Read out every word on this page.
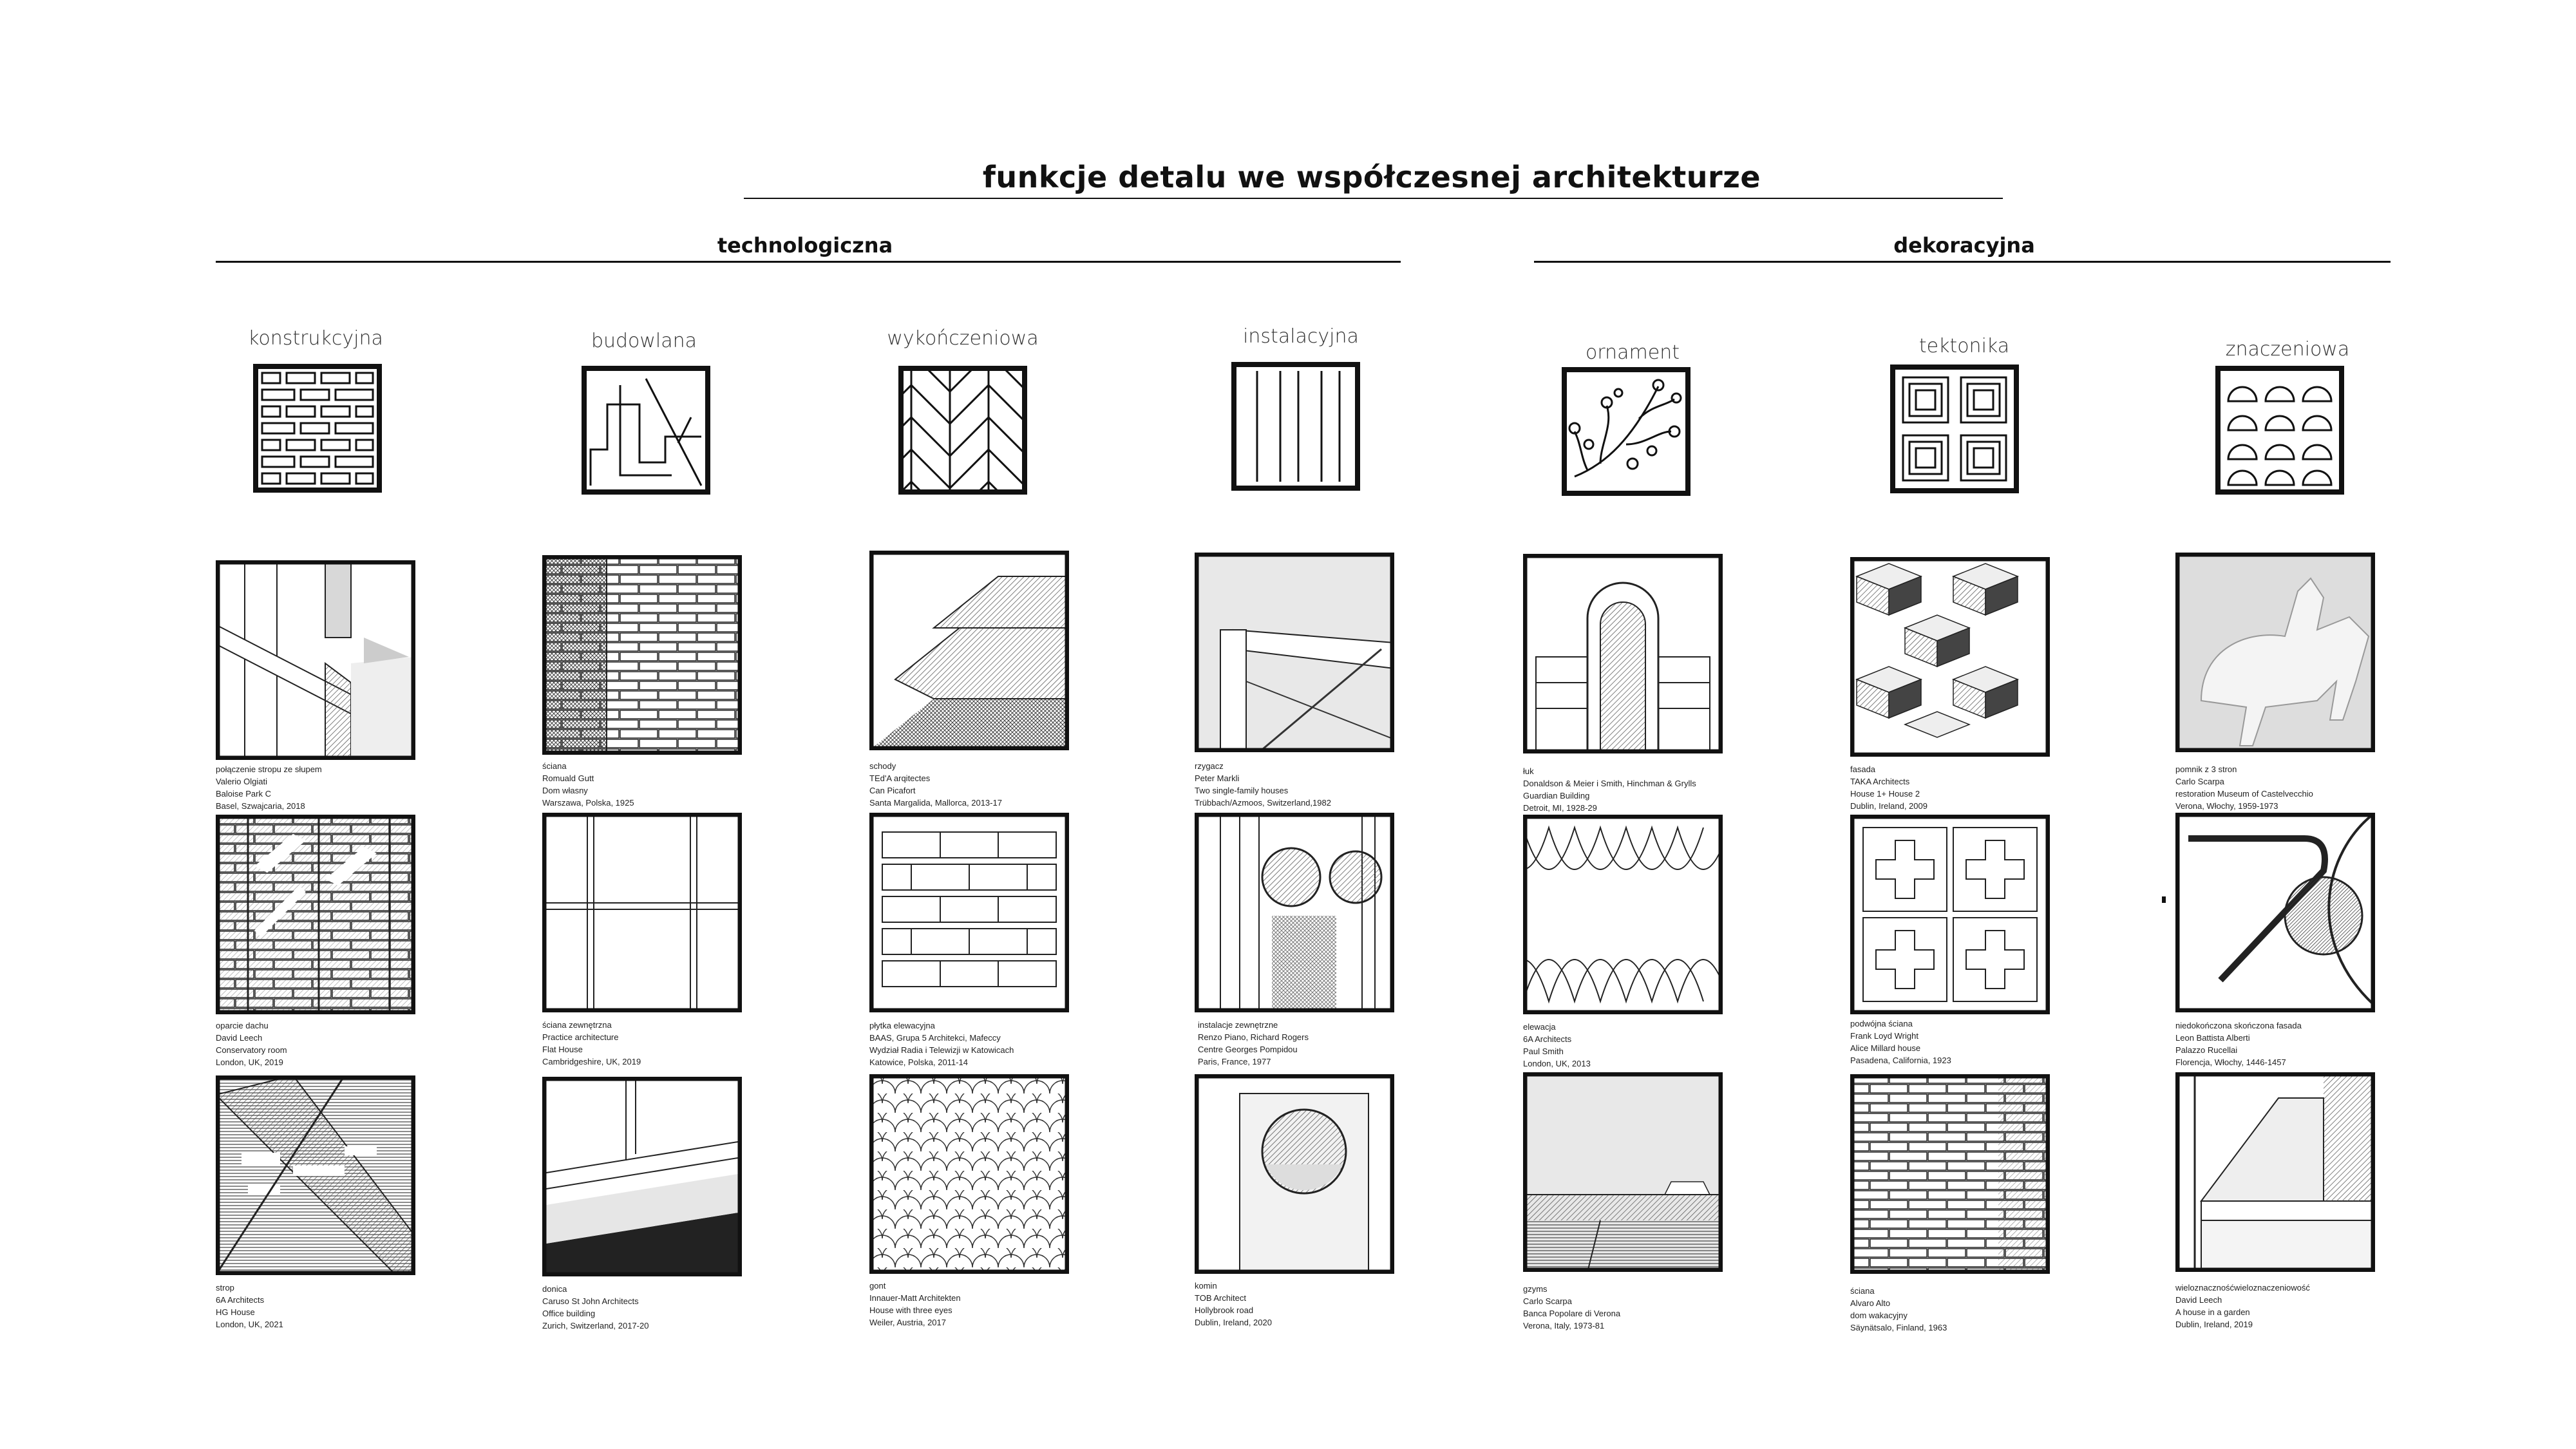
funkcje detalu we współczesnej architekturze
technologiczna	dekoracyjna
konstrukcyjna	budowlana	wykończeniowa	instalacyjna
ornament	tektonika	znaczeniowa
połączenie stropu ze słupem
Valerio Olgiati
Baloise Park C
Basel, Szwajcaria, 2018
oparcie dachu
David Leech
Conservatory room
London, UK, 2019
strop
6A Architects
HG House
London, UK, 2021
ściana
Romuald Gutt
Dom własny
Warszawa, Polska, 1925
ściana zewnętrzna
Practice architecture
Flat House
Cambridgeshire, UK, 2019
donica
Caruso St John Architects
Office building
Zurich, Switzerland, 2017-20
schody
TEd'A arqitectes
Can Picafort
Santa Margalida, Mallorca, 2013-17
płytka elewacyjna
BAAS, Grupa 5 Architekci, Mafeccy
Wydział Radia i Telewizji w Katowicach
Katowice, Polska, 2011-14
gont
Innauer-Matt Architekten
House with three eyes
Weiler, Austria, 2017
rzygacz
Peter Markli
Two single-family houses
Trübbach/Azmoos, Switzerland,1982
instalacje zewnętrzne
Renzo Piano, Richard Rogers
Centre Georges Pompidou
Paris, France, 1977
komin
TOB Architect
Hollybrook road
Dublin, Ireland, 2020
łuk
Donaldson & Meier i Smith, Hinchman & Grylls
Guardian Building
Detroit, MI, 1928-29
elewacja
6A Architects
Paul Smith
London, UK, 2013
gzyms
Carlo Scarpa
Banca Popolare di Verona
Verona, Italy, 1973-81
fasada
TAKA Architects
House 1+ House 2
Dublin, Ireland, 2009
podwójna ściana
Frank Loyd Wright
Alice Millard house
Pasadena, California, 1923
ściana
Alvaro Alto
dom wakacyjny
Säynätsalo, Finland, 1963
pomnik z 3 stron
Carlo Scarpa
restoration Museum of Castelvecchio
Verona, Włochy, 1959-1973
niedokończona skończona fasada
Leon Battista Alberti
Palazzo Rucellai
Florencja, Włochy, 1446-1457
wieloznacznośćwieloznaczeniowość
David Leech
A house in a garden
Dublin, Ireland, 2019
